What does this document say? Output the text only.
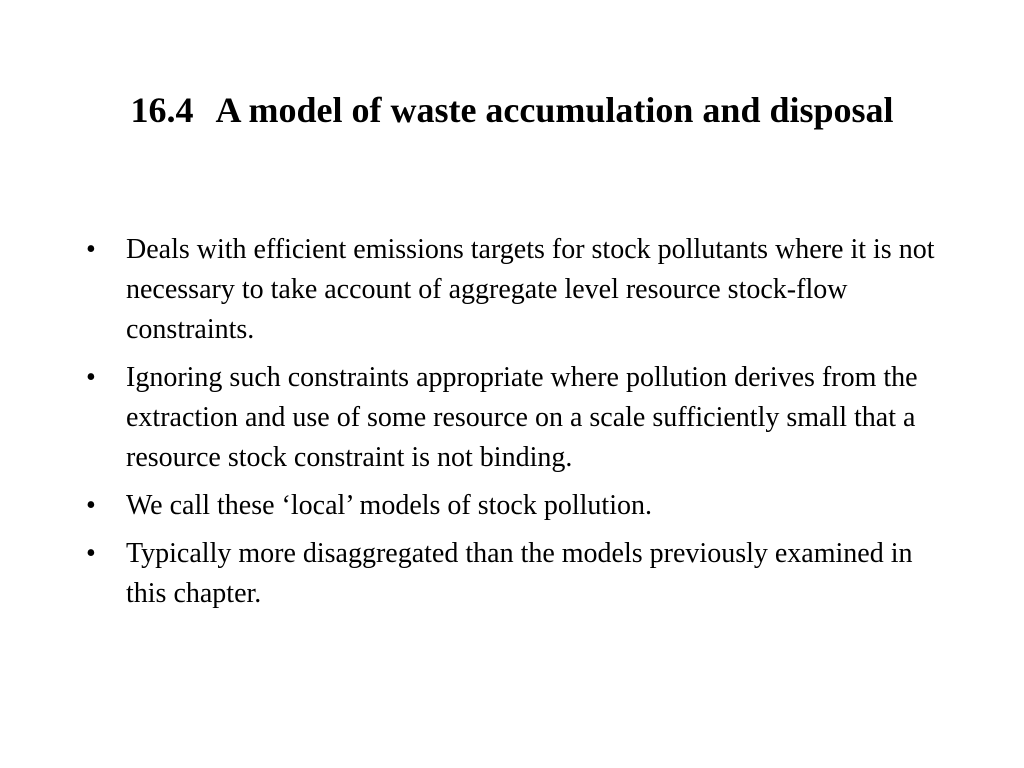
16.4 A model of waste accumulation and disposal
•	Deals with efficient emissions targets for stock pollutants where it is not necessary to take account of aggregate level resource stock-flow constraints.
•	Ignoring such constraints appropriate where pollution derives from the extraction and use of some resource on a scale sufficiently small that a resource stock constraint is not binding.
•	We call these ‘local’ models of stock pollution.
•	Typically more disaggregated than the models previously examined in this chapter.
